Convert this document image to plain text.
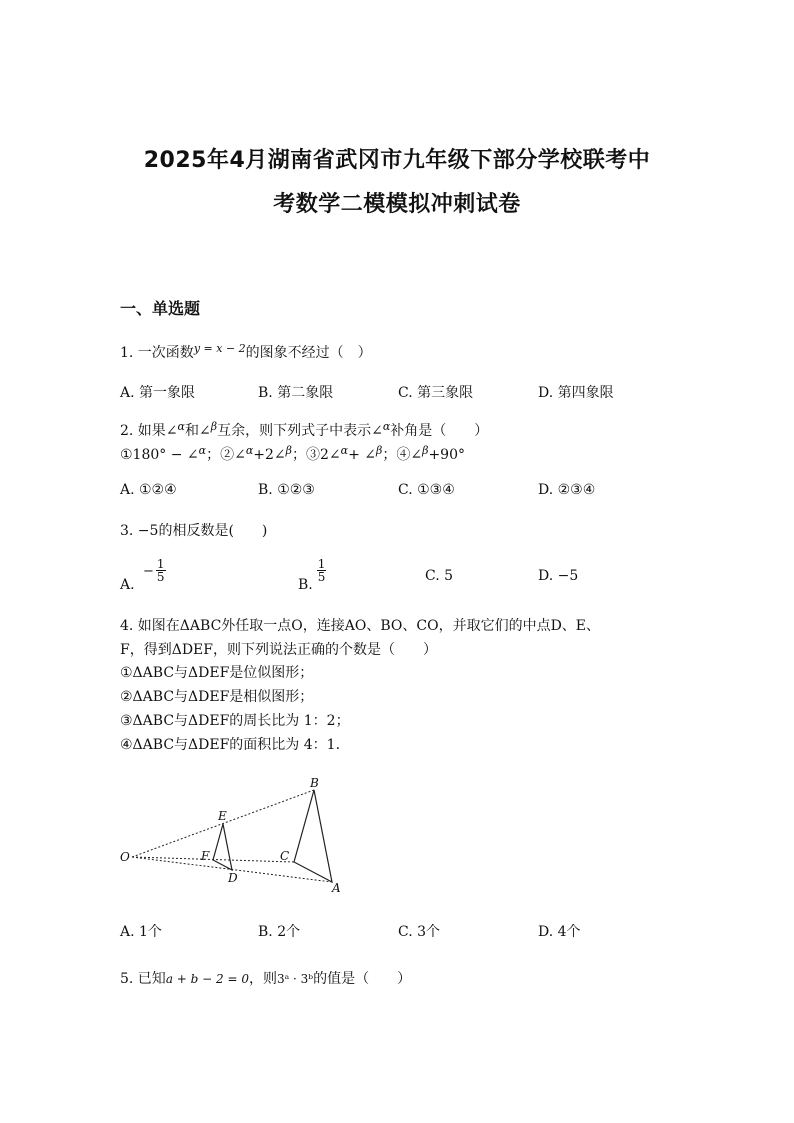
2025年4月湖南省武冈市九年级下部分学校联考中
考数学二模模拟冲刺试卷
一、单选题
1. 一次函数$^{y = x - 2}$的图象不经过（　）
A. 第一象限	B. 第二象限	C. 第三象限	D. 第四象限
2. 如果∠$^\alpha$和∠$^\beta$互余，则下列式子中表示∠$^\alpha$补角是（　　）
①180° − ∠$^\alpha$；②∠$^\alpha$+2∠$^\beta$；③2∠$^\alpha$+ ∠$^\beta$；④∠$^\beta$+90°
A. ①②④	B. ①②③	C. ①③④	D. ②③④
3. −5的相反数是(　　)
A. − $\frac{1}{5}$
B.
$\frac{1}{5}$	C. 5	D. −5
4. 如图在ΔABC外任取一点O，连接AO、BO、CO，并取它们的中点D、E、
F，得到ΔDEF，则下列说法正确的个数是（　　）
①ΔABC与ΔDEF是位似图形；
②ΔABC与ΔDEF是相似图形；
③ΔABC与ΔDEF的周长比为 1：2；
④ΔABC与ΔDEF的面积比为 4：1.
O
E
F
D
C
B
A
A. 1个	B. 2个	C. 3个	D. 4个
5. 已知a + b − 2 = 0，则3ᵃ · 3ᵇ的值是（　　）
